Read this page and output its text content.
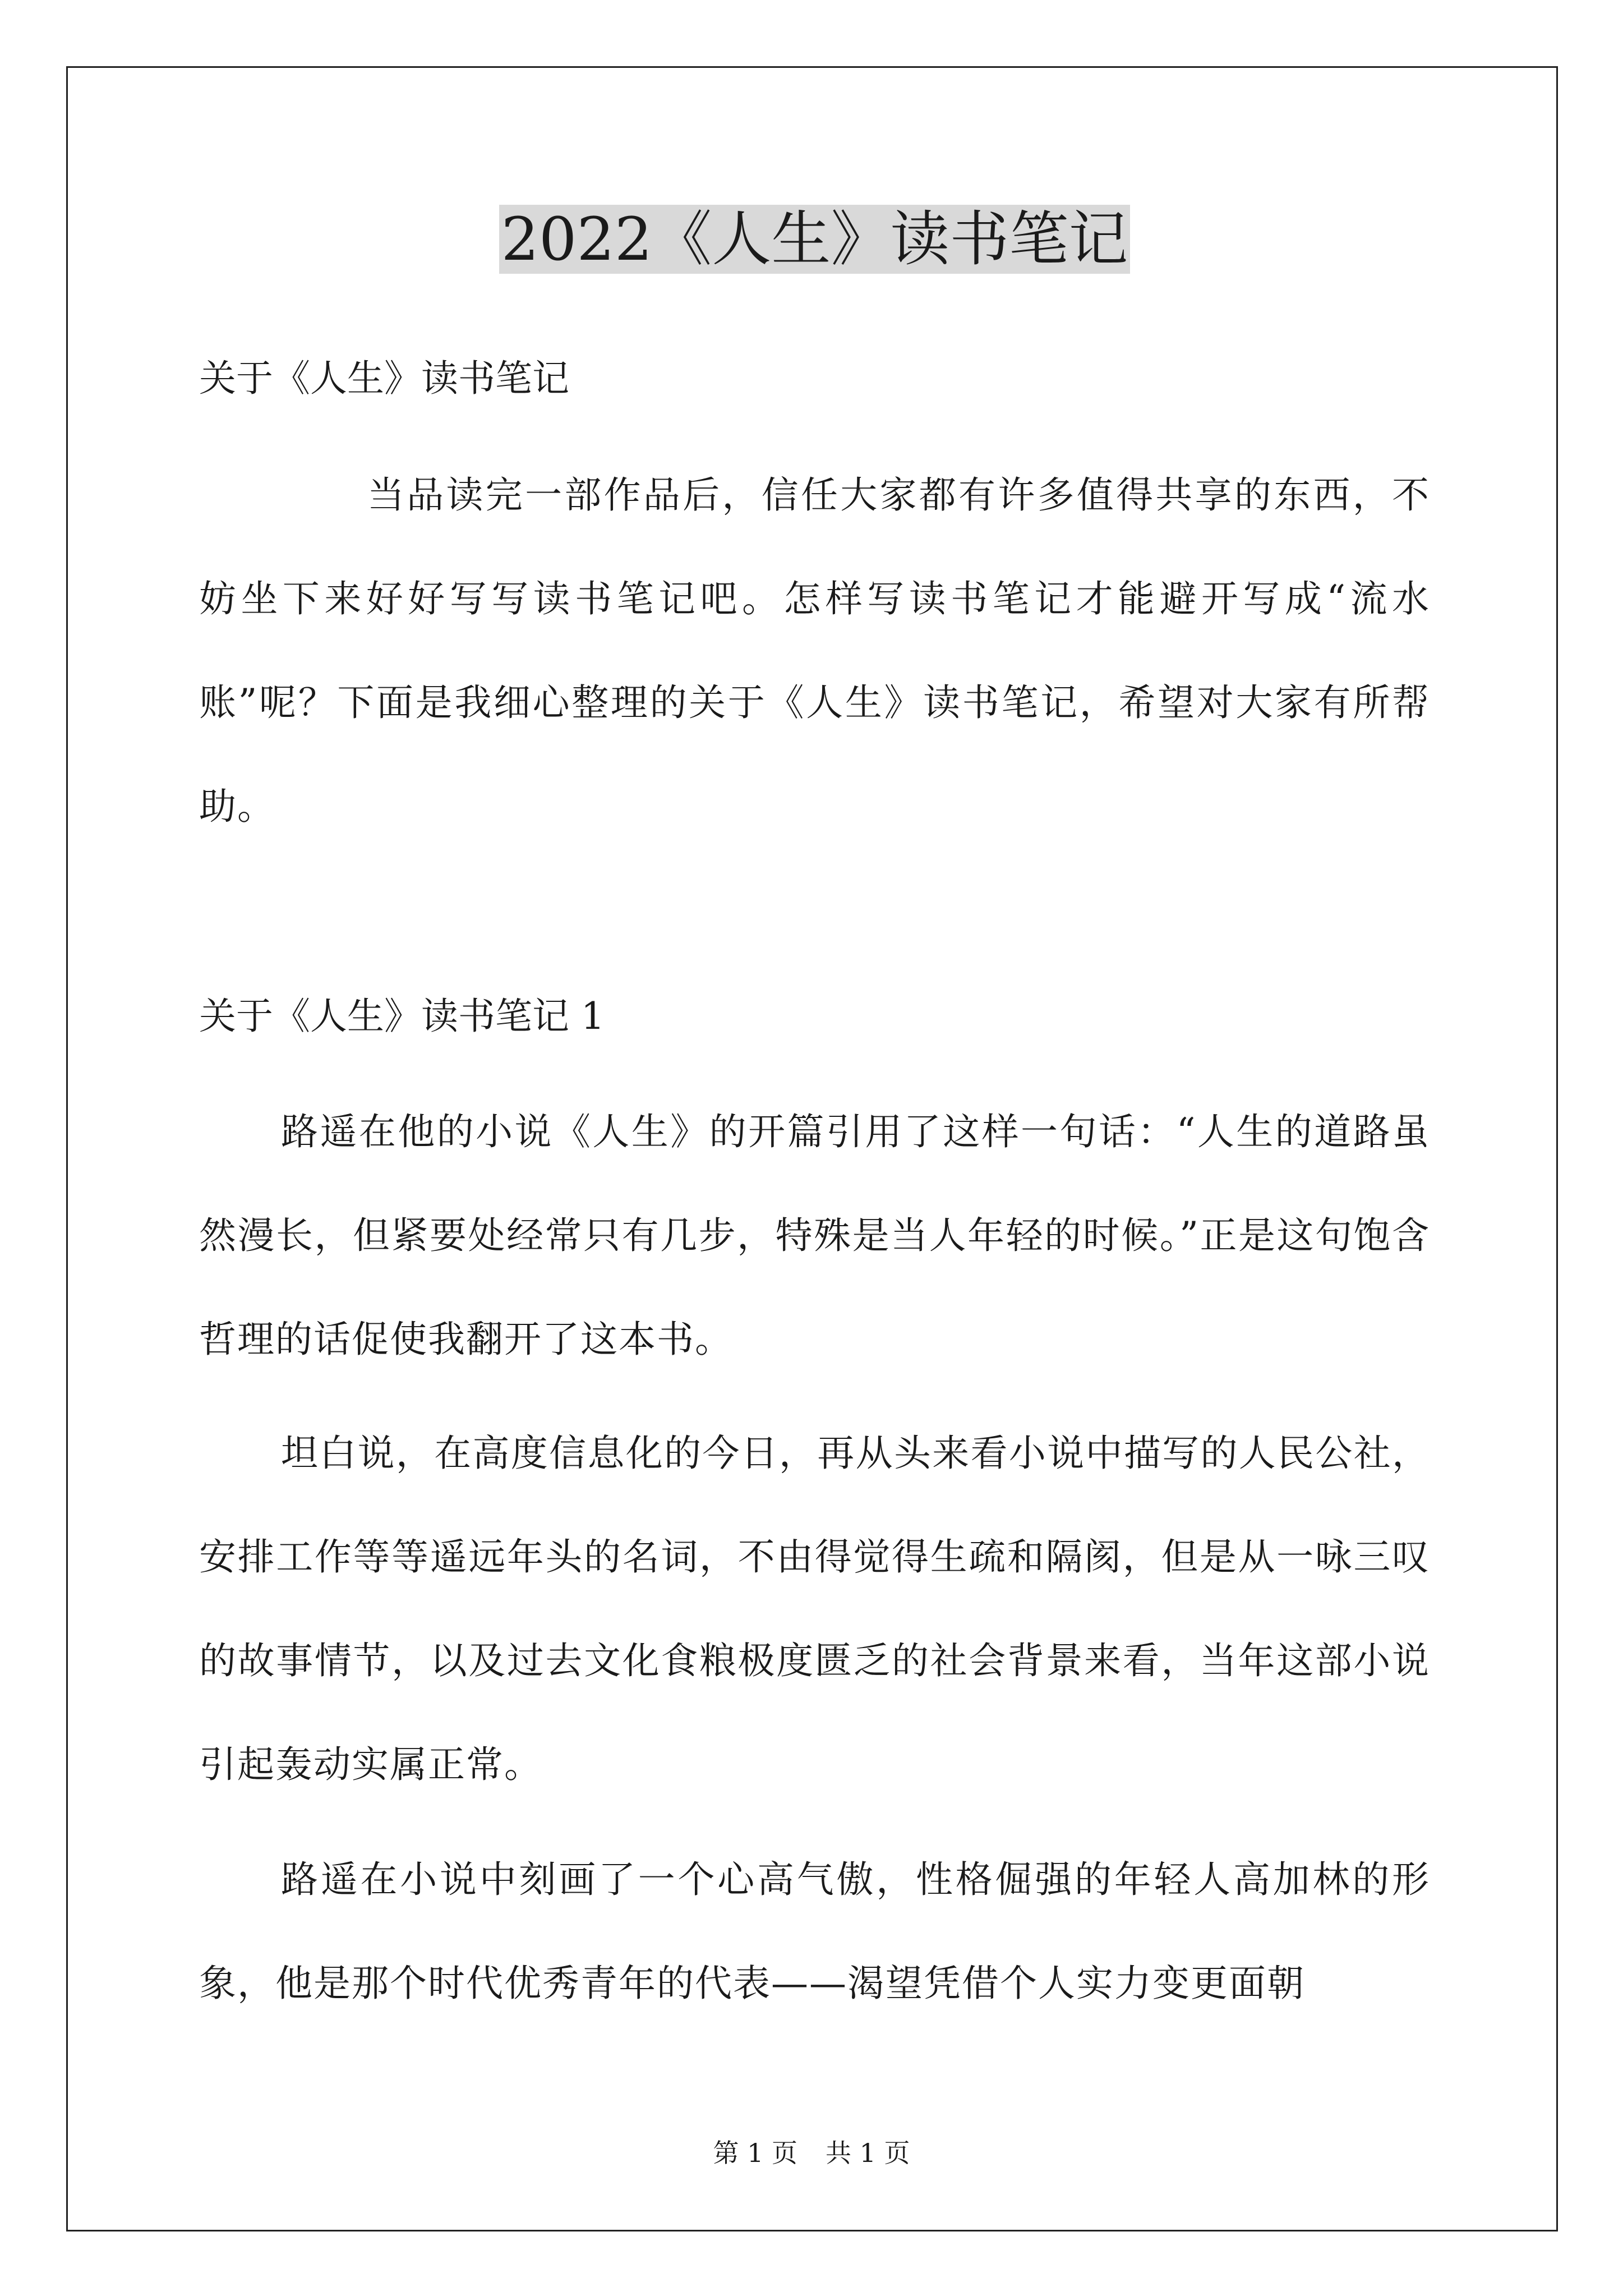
2022《人生》读书笔记

关于《人生》读书笔记

当品读完一部作品后，信任大家都有许多值得共享的东西，不妨坐下来好好写写读书笔记吧。怎样写读书笔记才能避开写成“流水账”呢？下面是我细心整理的关于《人生》读书笔记，希望对大家有所帮助。

关于《人生》读书笔记 1

路遥在他的小说《人生》的开篇引用了这样一句话：“人生的道路虽然漫长，但紧要处经常只有几步，特殊是当人年轻的时候。”正是这句饱含哲理的话促使我翻开了这本书。

坦白说，在高度信息化的今日，再从头来看小说中描写的人民公社，安排工作等等遥远年头的名词，不由得觉得生疏和隔阂，但是从一咏三叹的故事情节，以及过去文化食粮极度匮乏的社会背景来看，当年这部小说引起轰动实属正常。

路遥在小说中刻画了一个心高气傲，性格倔强的年轻人高加林的形象，他是那个时代优秀青年的代表——渴望凭借个人实力变更面朝

第 1 页 共 1 页
